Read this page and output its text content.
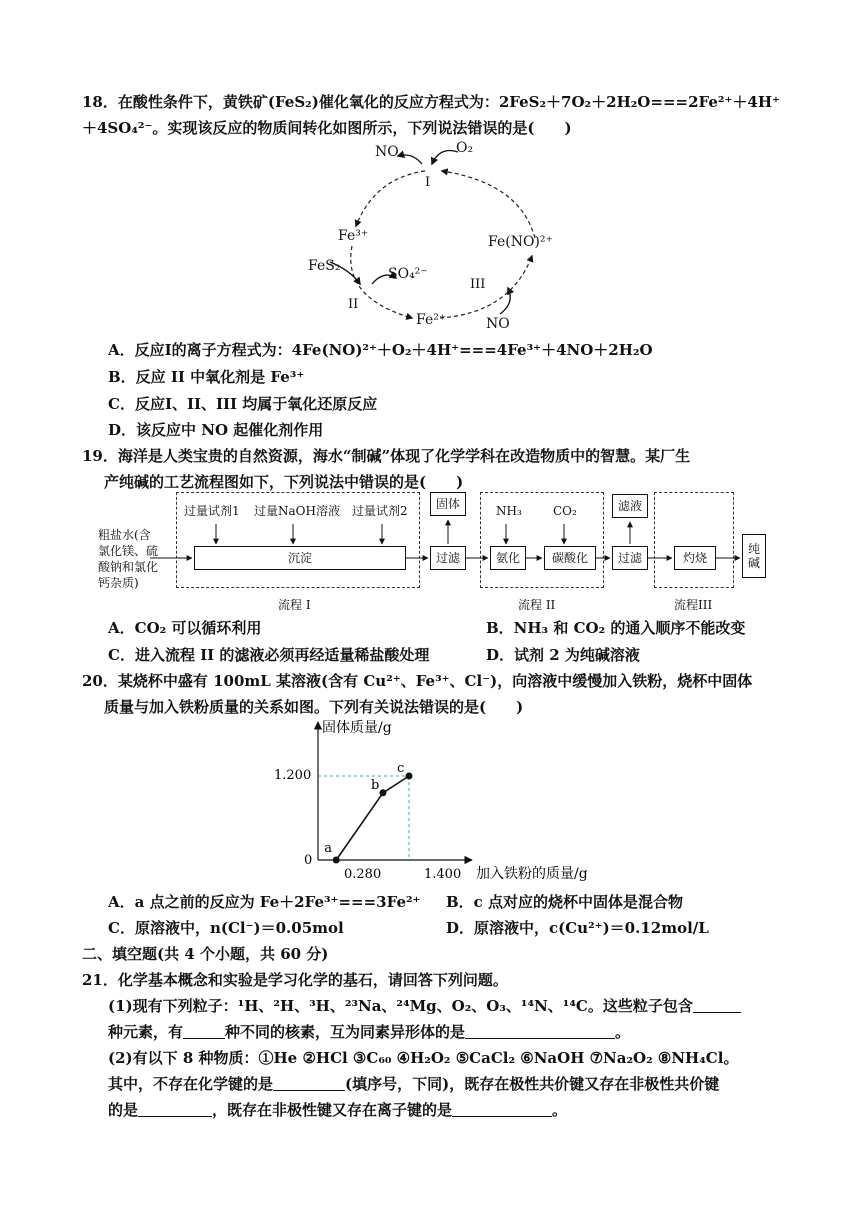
18．在酸性条件下，黄铁矿(FeS₂)催化氧化的反应方程式为：2FeS₂＋7O₂＋2H₂O===2Fe²⁺＋4H⁺
＋4SO₄²⁻。实现该反应的物质间转化如图所示，下列说法错误的是(　　)
NO	O₂
I
Fe³⁺	Fe(NO)²⁺
FeS₂	SO₄²⁻
II
III
Fe²⁺	NO
A．反应I的离子方程式为：4Fe(NO)²⁺＋O₂＋4H⁺===4Fe³⁺＋4NO＋2H₂O
B．反应 II 中氧化剂是 Fe³⁺
C．反应I、II、III 均属于氧化还原反应
D．该反应中 NO 起催化剂作用
19．海洋是人类宝贵的自然资源，海水“制碱”体现了化学学科在改造物质中的智慧。某厂生
产纯碱的工艺流程图如下，下列说法中错误的是(　　)
粗盐水(含
氯化镁、硫
酸钠和氯化
钙杂质)
过量试剂1 过量NaOH溶液 过量试剂2
沉淀
固体
过滤
NH₃	CO₂
氨化	碳酸化
滤液
过滤	灼烧
纯
碱
流程 I	流程 II	流程III
A．CO₂ 可以循环利用	B．NH₃ 和 CO₂ 的通入顺序不能改变
C．进入流程 II 的滤液必须再经适量稀盐酸处理	D．试剂 2 为纯碱溶液
20．某烧杯中盛有 100mL 某溶液(含有 Cu²⁺、Fe³⁺、Cl⁻)，向溶液中缓慢加入铁粉，烧杯中固体
质量与加入铁粉质量的关系如图。下列有关说法错误的是(　　)
a
b
c
固体质量/g
加入铁粉的质量/g
0
1.200
0.280	1.400
A．a 点之前的反应为 Fe＋2Fe³⁺===3Fe²⁺ B．c 点对应的烧杯中固体是混合物
C．原溶液中，n(Cl⁻)＝0.05mol	D．原溶液中，c(Cu²⁺)＝0.12mol/L
二、填空题(共 4 个小题，共 60 分)
21．化学基本概念和实验是学习化学的基石，请回答下列问题。
(1)现有下列粒子：¹H、²H、³H、²³Na、²⁴Mg、O₂、O₃、¹⁴N、¹⁴C。这些粒子包含
种元素，有	种不同的核素，互为同素异形体的是	。
(2)有以下 8 种物质：①He ②HCl ③C₆₀ ④H₂O₂ ⑤CaCl₂ ⑥NaOH ⑦Na₂O₂ ⑧NH₄Cl。
其中，不存在化学键的是	(填序号，下同)，既存在极性共价键又存在非极性共价键
的是	，既存在非极性键又存在离子键的是	。
